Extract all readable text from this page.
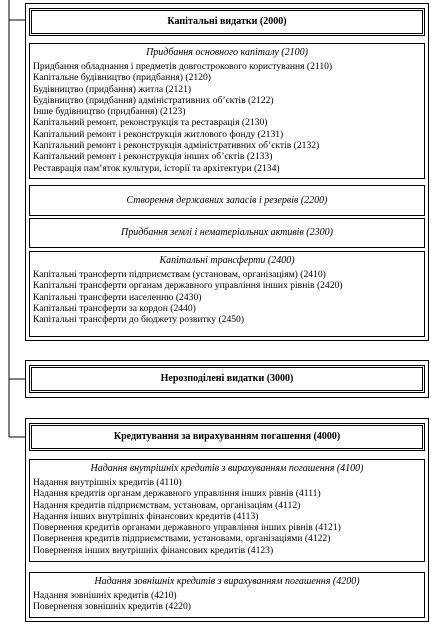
Капітальні видатки (2000)
Придбання основного капіталу (2100)
Придбання обладнання і предметів довгострокового користування (2110)
Капітальне будівництво (придбання) (2120)
Будівництво (придбання) житла (2121)
Будівництво (придбання) адміністративних об’єктів (2122)
Інше будівництво (придбання) (2123)
Капітальний ремонт, реконструкція та реставрація (2130)
Капітальний ремонт і реконструкція житлового фонду (2131)
Капітальний ремонт і реконструкція адміністративних об’єктів (2132)
Капітальний ремонт і реконструкція інших об’єктів (2133)
Реставрація пам’яток культури, історії та архітектури (2134)
Створення державних запасів і резервів (2200)
Придбання землі і нематеріальних активів (2300)
Капітальні трансферти (2400)
Капітальні трансферти підприємствам (установам, організаціям) (2410)
Капітальні трансферти органам державного управління інших рівнів (2420)
Капітальні трансферти населенню (2430)
Капітальні трансферти за кордон (2440)
Капітальні трансферти до бюджету розвитку (2450)
Нерозподілені видатки (3000)
Кредитування за вирахуванням погашення (4000)
Надання внутрішніх кредитів з вирахуванням погашення (4100)
Надання внутрішніх кредитів (4110)
Надання кредитів органам державного управління інших рівнів (4111)
Надання кредитів підприємствам, установам, організаціям (4112)
Надання інших внутрішніх фінансових кредитів (4113)
Повернення кредитів органами державного управління інших рівнів (4121)
Повернення кредитів підприємствами, установами, організаціями (4122)
Повернення інших внутрішніх фінансових кредитів (4123)
Надання зовнішніх кредитів з вирахуванням погашення (4200)
Надання зовнішніх кредитів (4210)
Повернення зовнішніх кредитів (4220)
